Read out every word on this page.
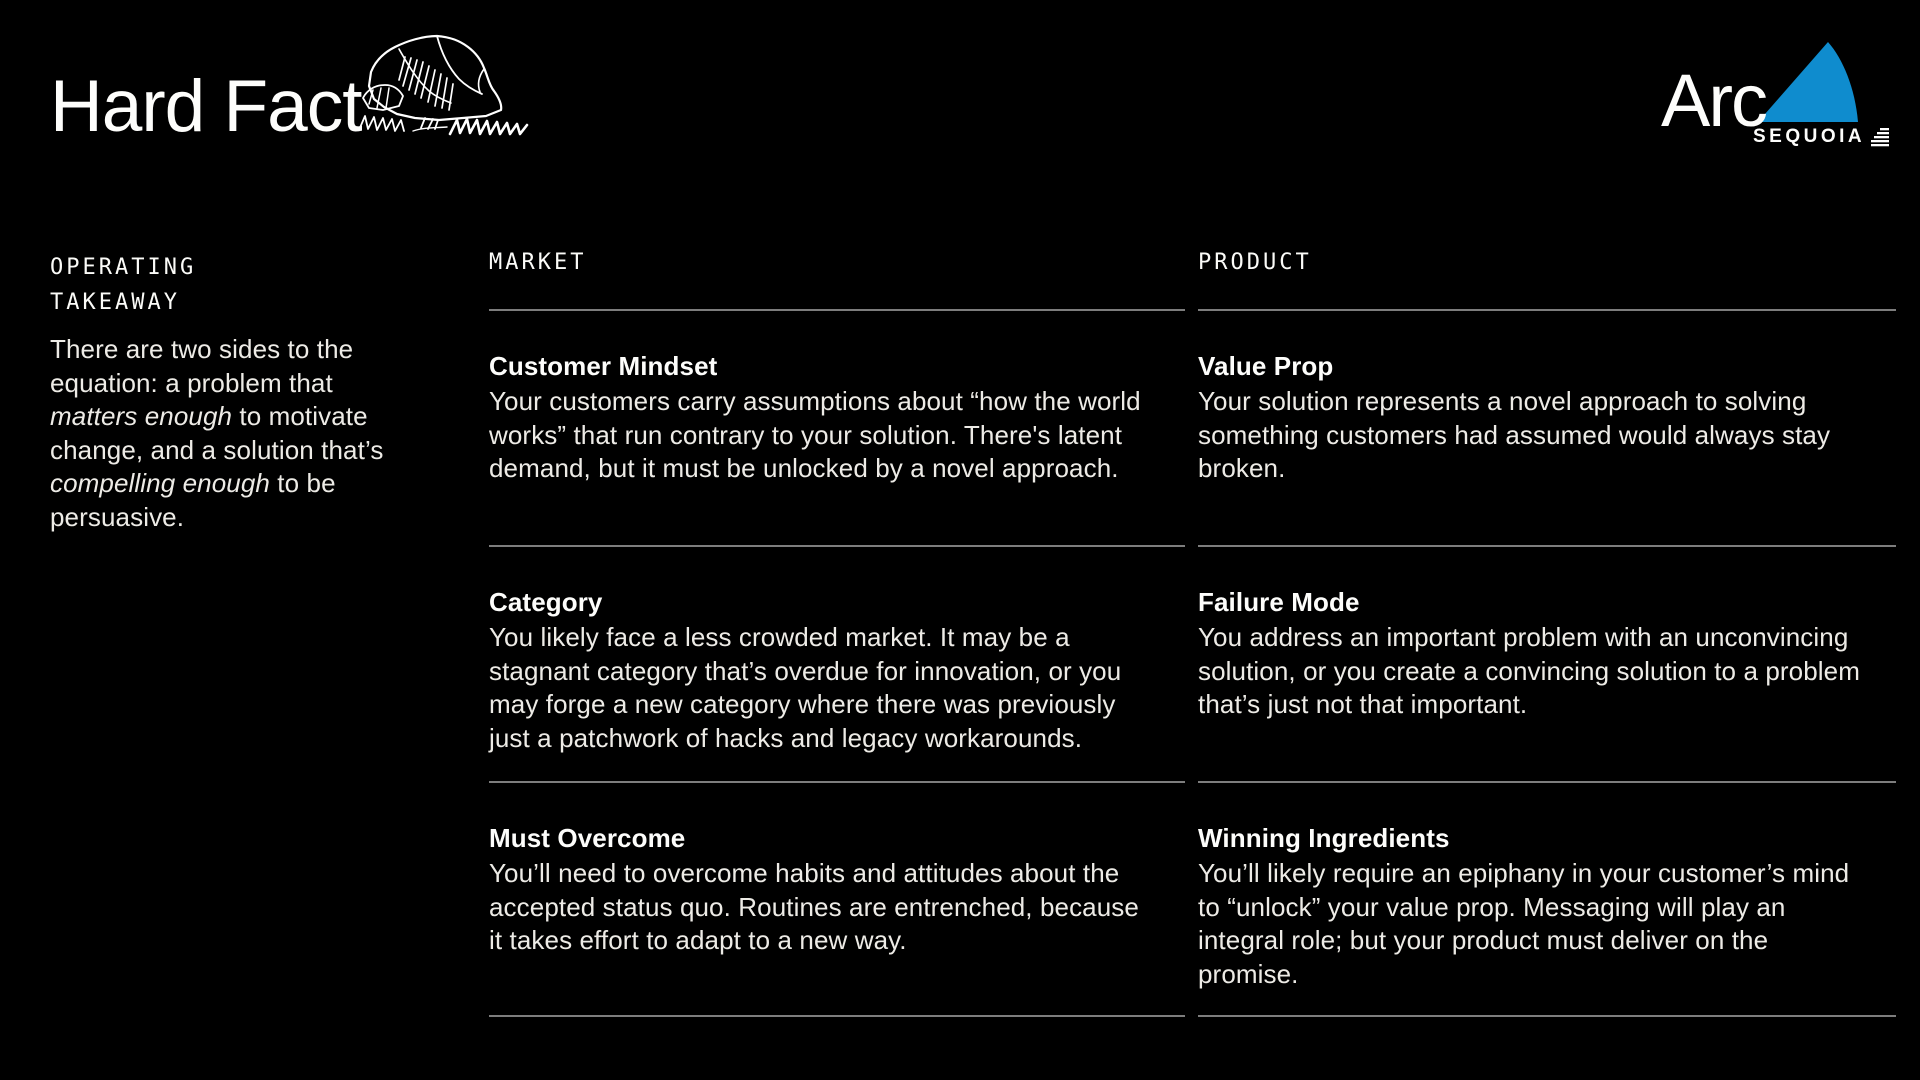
Hard Fact	Arc
SEQUOIA
OPERATING
TAKEAWAY

There are two sides to the equation: a problem that matters enough to motivate change, and a solution that’s compelling enough to be persuasive.

MARKET
Customer Mindset

Your customers carry assumptions about “how the world works” that run contrary to your solution. There's latent demand, but it must be unlocked by a novel approach.

Category

You likely face a less crowded market. It may be a stagnant category that’s overdue for innovation, or you may forge a new category where there was previously just a patchwork of hacks and legacy workarounds.

Must Overcome

You’ll need to overcome habits and attitudes about the accepted status quo. Routines are entrenched, because it takes effort to adapt to a new way.

PRODUCT
Value Prop

Your solution represents a novel approach to solving something customers had assumed would always stay broken.

Failure Mode

You address an important problem with an unconvincing solution, or you create a convincing solution to a problem that’s just not that important.

Winning Ingredients

You’ll likely require an epiphany in your customer’s mind to “unlock” your value prop. Messaging will play an integral role; but your product must deliver on the promise.
